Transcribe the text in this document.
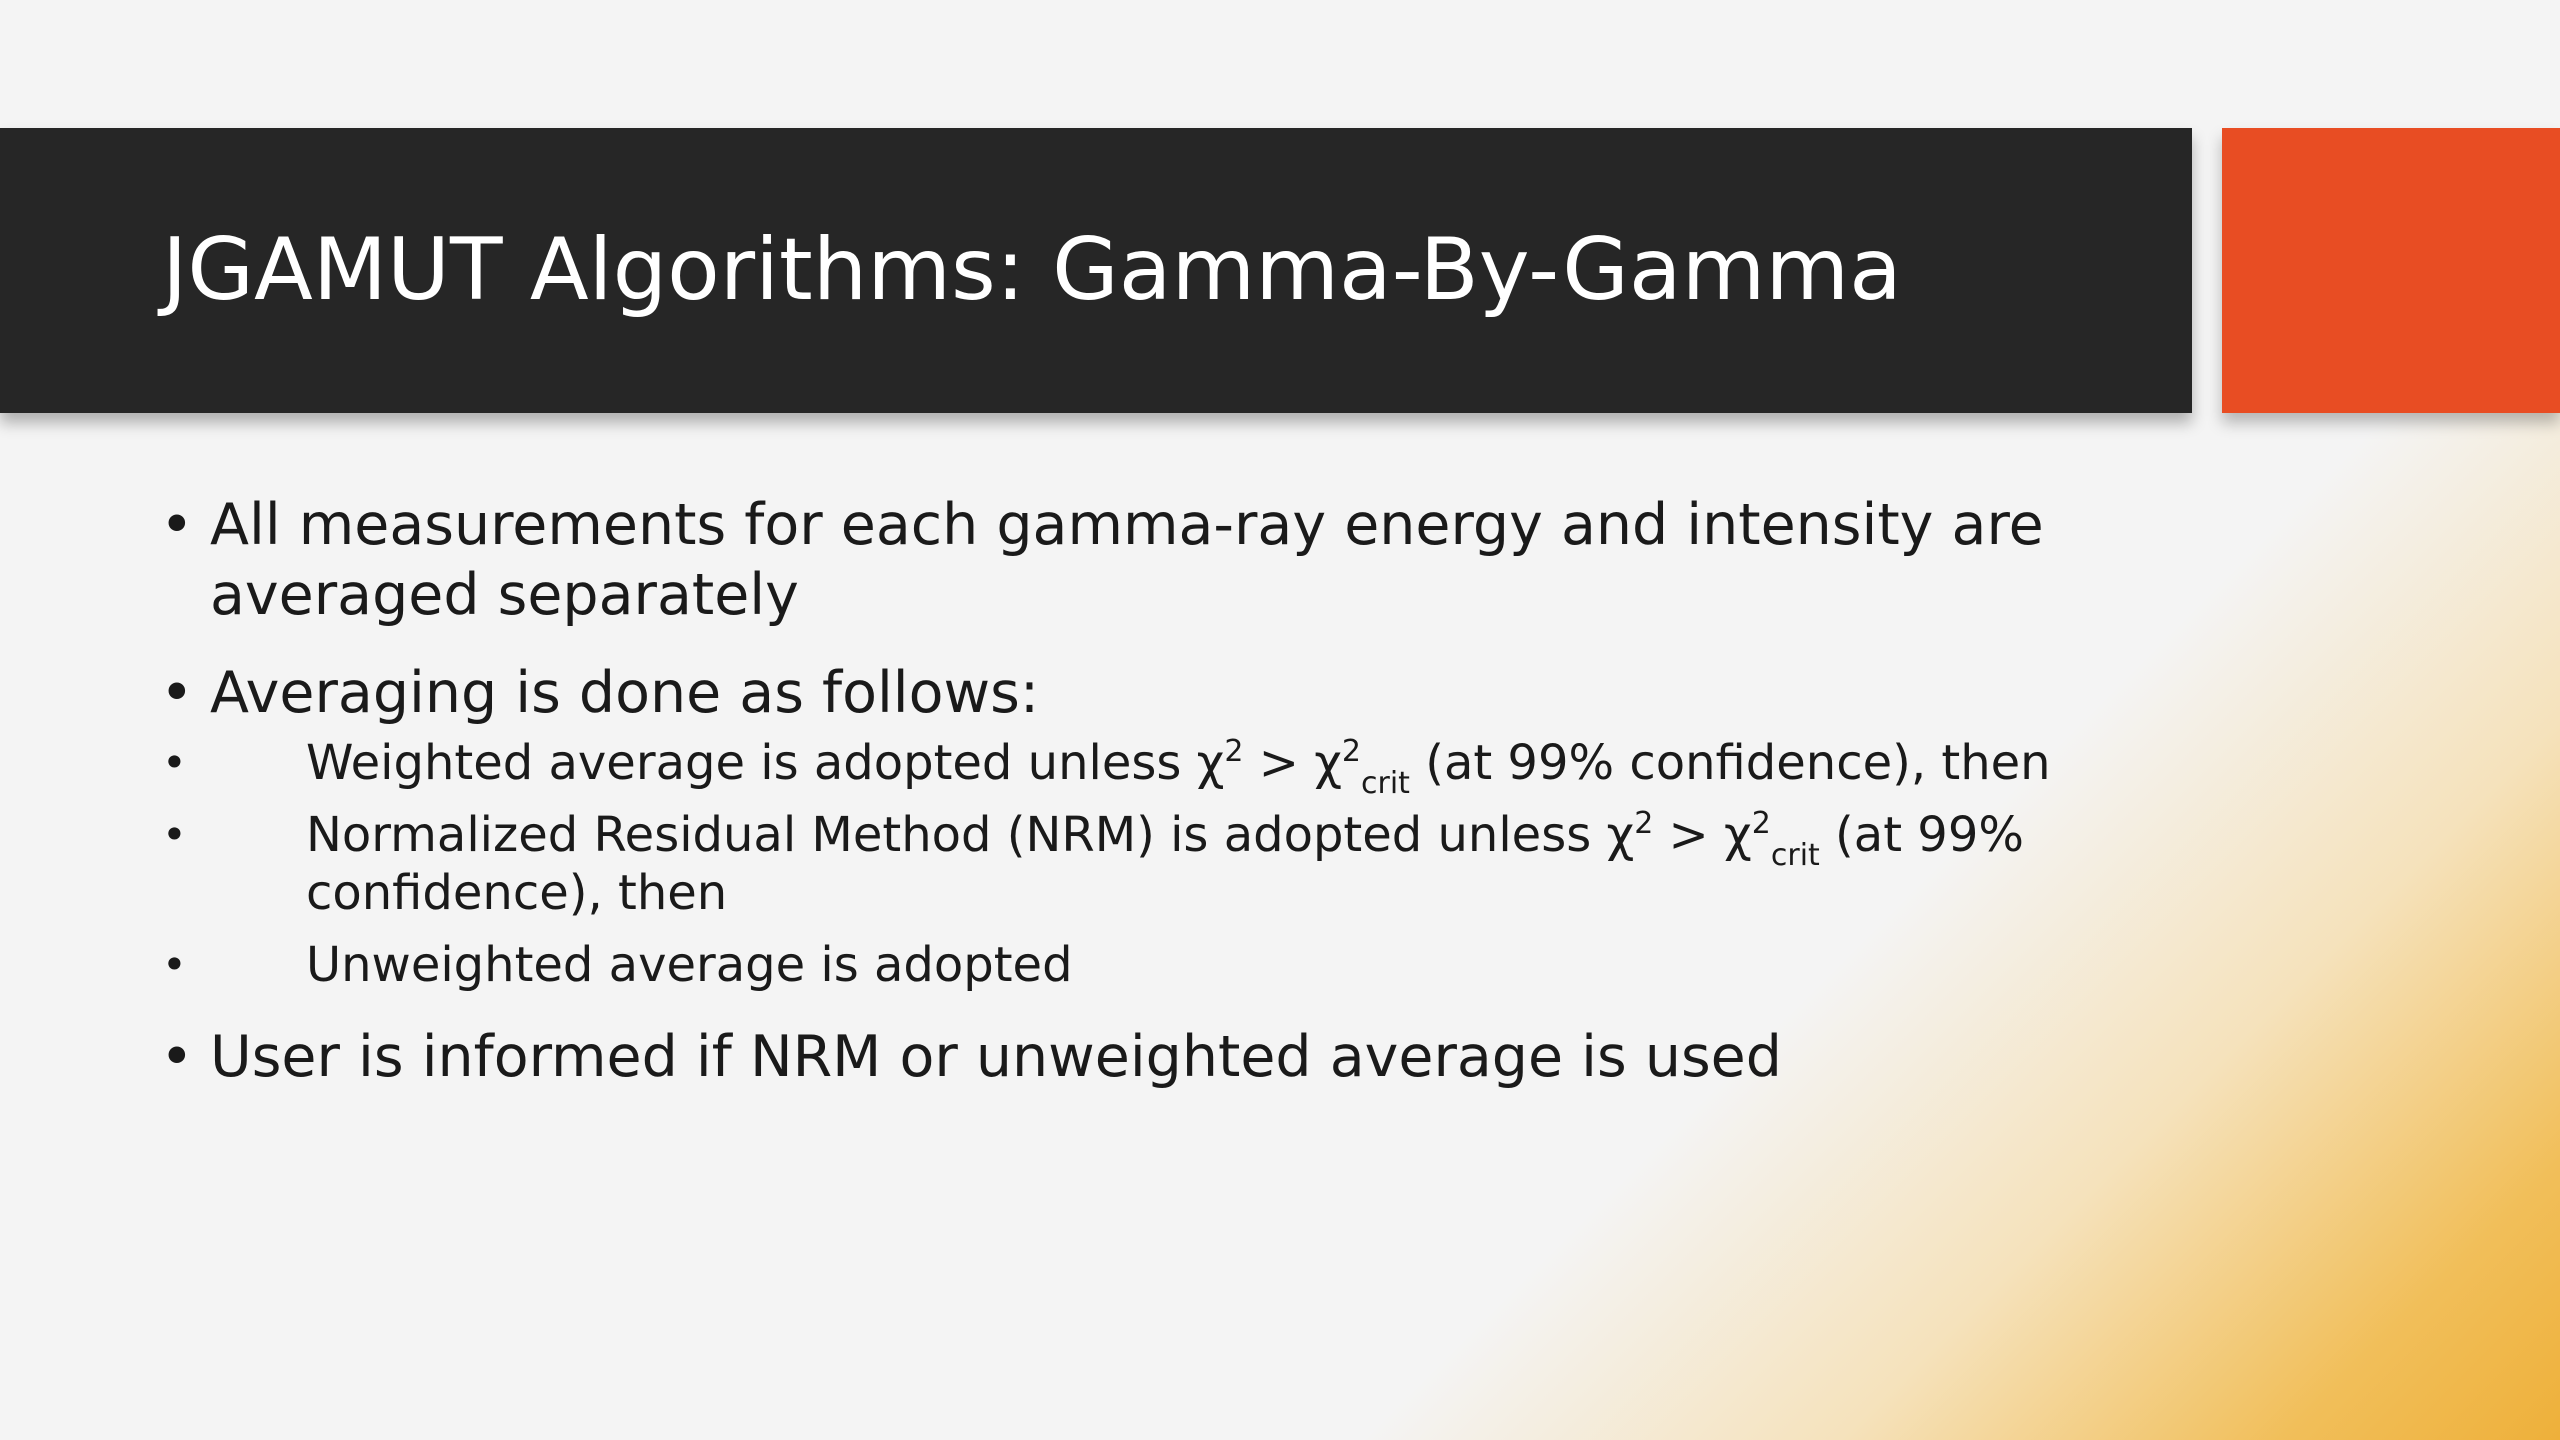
JGAMUT Algorithms: Gamma-By-Gamma
• All measurements for each gamma-ray energy and intensity are averaged separately
• Averaging is done as follows:
• Weighted average is adopted unless $\chi^2 > \chi^2_{crit}$ (at 99% confidence), then
• Normalized Residual Method (NRM) is adopted unless $\chi^2 > \chi^2_{crit}$ (at 99% confidence), then
• Unweighted average is adopted
• User is informed if NRM or unweighted average is used
